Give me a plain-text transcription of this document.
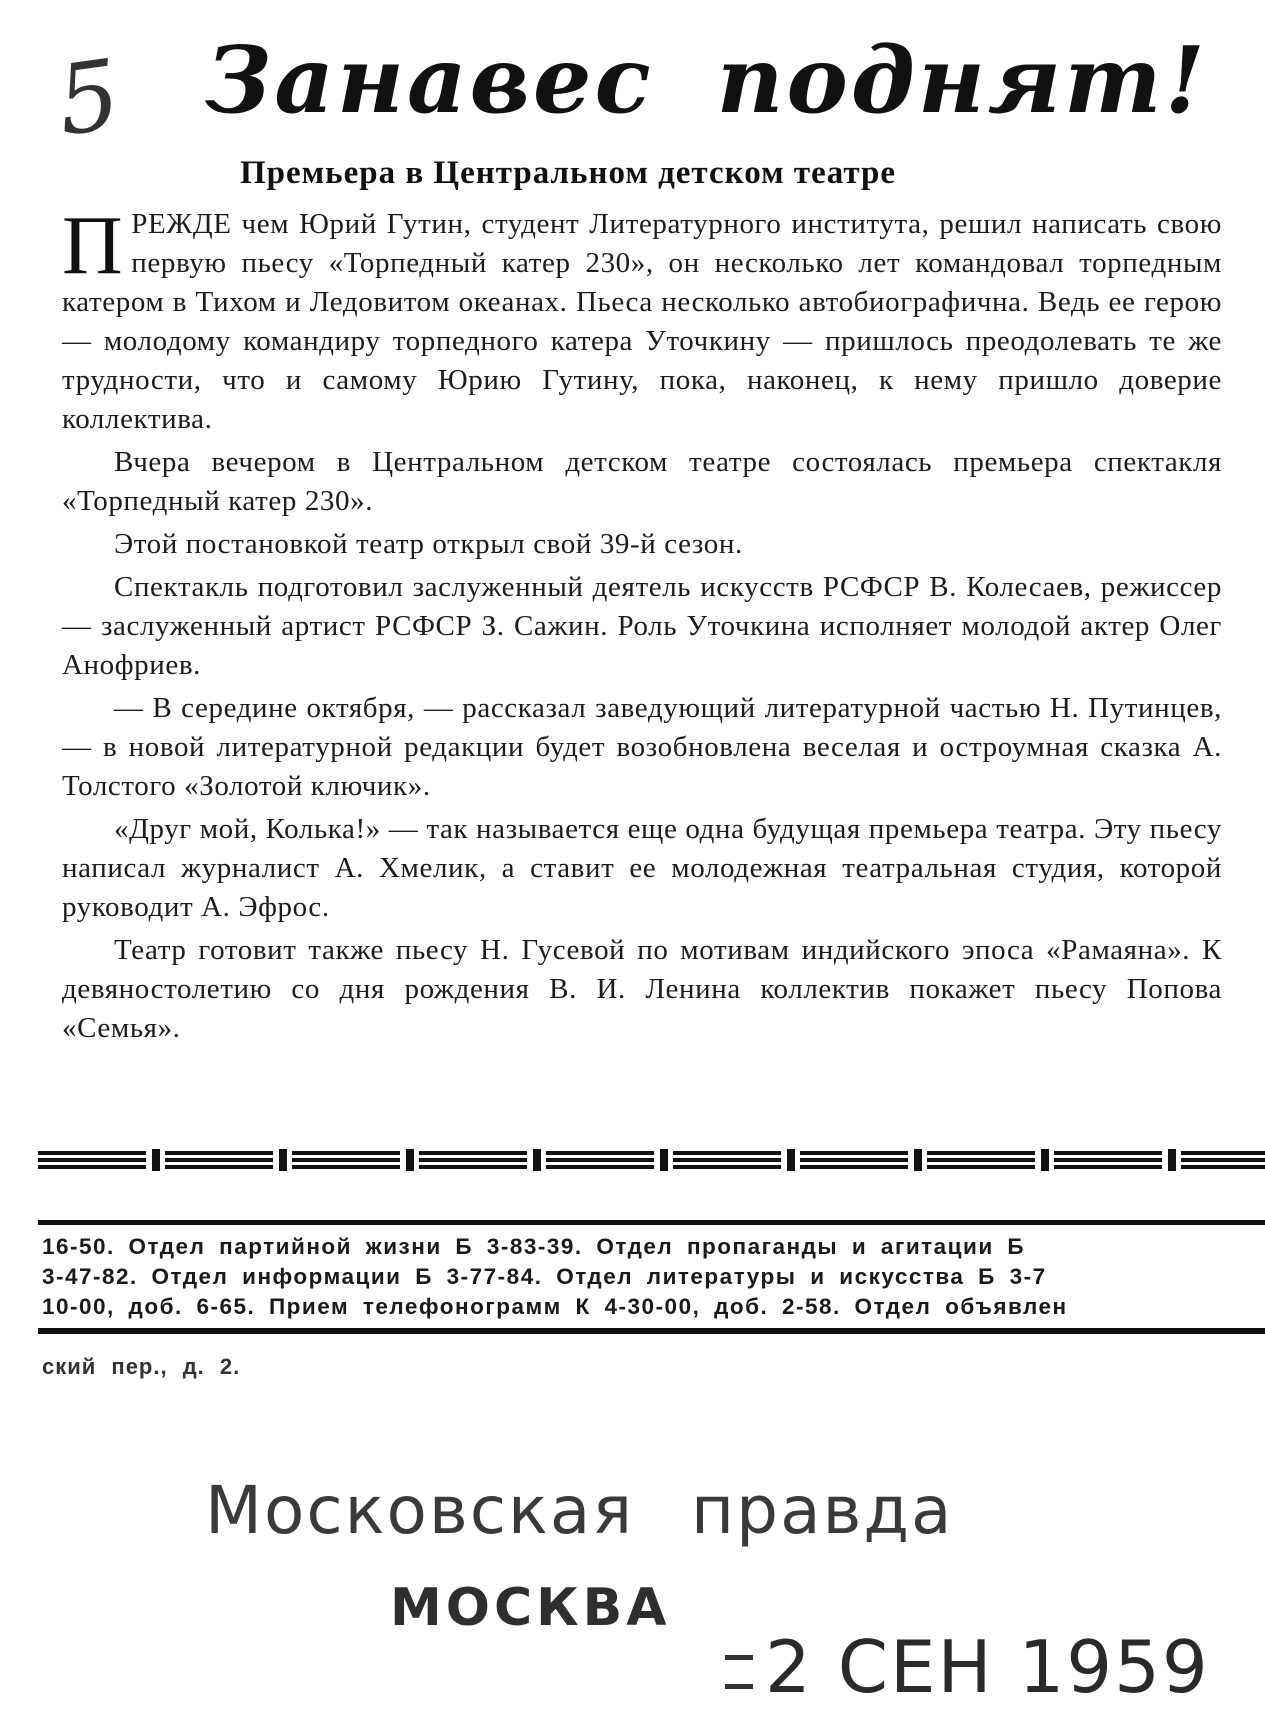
5 Занавес поднят!
Премьера в Центральном детском театре

ПРЕЖДЕ чем Юрий Гутин, студент Литературного института, решил написать свою первую пьесу «Торпедный катер 230», он несколько лет командовал торпедным катером в Тихом и Ледовитом океанах. Пьеса несколько автобиографична. Ведь ее герою — молодому командиру торпедного катера Уточкину — пришлось преодолевать те же трудности, что и самому Юрию Гутину, пока, наконец, к нему пришло доверие коллектива.

Вчера вечером в Центральном детском театре состоялась премьера спектакля «Торпедный катер 230».

Этой постановкой театр открыл свой 39-й сезон.

Спектакль подготовил заслуженный деятель искусств РСФСР В. Колесаев, режиссер — заслуженный артист РСФСР З. Сажин. Роль Уточкина исполняет молодой актер Олег Анофриев.

— В середине октября, — рассказал заведующий литературной частью Н. Путинцев, — в новой литературной редакции будет возобновлена веселая и остроумная сказка А. Толстого «Золотой ключик».

«Друг мой, Колька!» — так называется еще одна будущая премьера театра. Эту пьесу написал журналист А. Хмелик, а ставит ее молодежная театральная студия, которой руководит А. Эфрос.

Театр готовит также пьесу Н. Гусевой по мотивам индийского эпоса «Рамаяна». К девяностолетию со дня рождения В. И. Ленина коллектив покажет пьесу Попова «Семья».

16-50. Отдел партийной жизни Б 3-83-39. Отдел пропаганды и агитации Б
3-47-82. Отдел информации Б 3-77-84. Отдел литературы и искусства Б 3-7
10-00, доб. 6-65. Прием телефонограмм К 4-30-00, доб. 2-58. Отдел объявлен
ский пер., д. 2.
Московская правда
МОСКВА
2 СЕН 1959
